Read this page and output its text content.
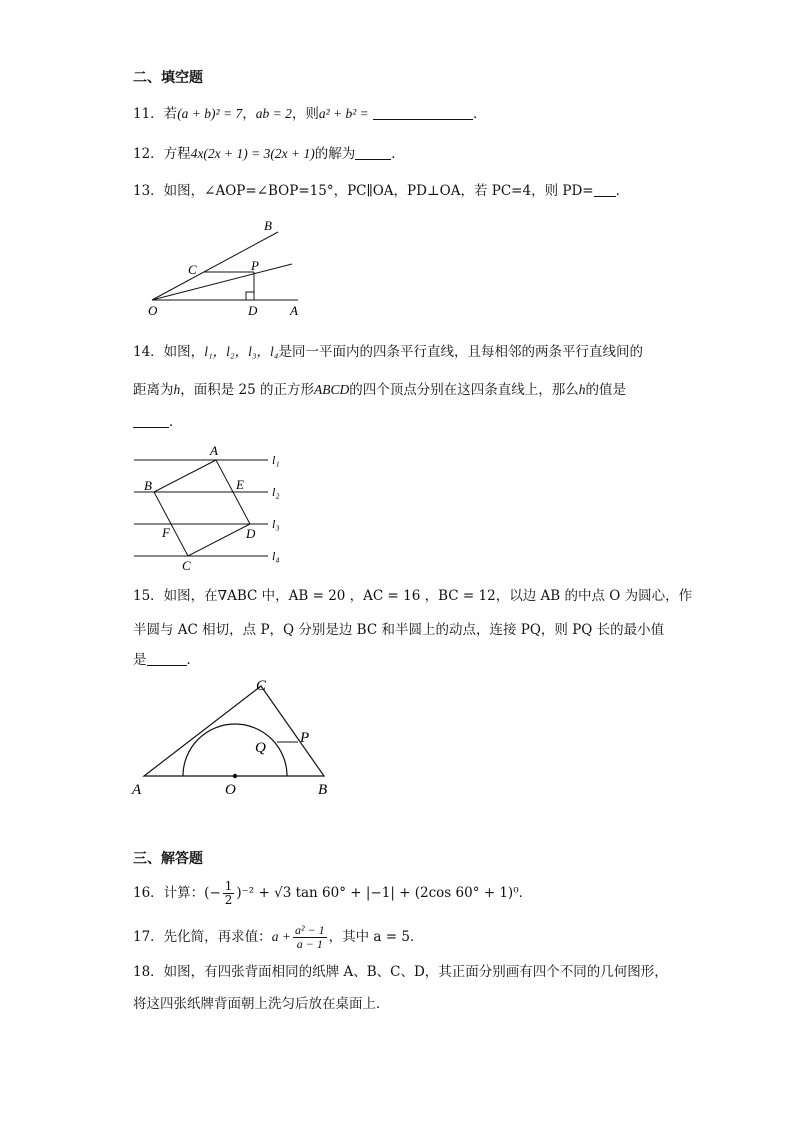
二、填空题
11．若(a + b)² = 7，ab = 2，则a² + b² =	．
12．方程4x(2x + 1) = 3(2x + 1)的解为	．
13．如图，∠AOP=∠BOP=15°，PC∥OA，PD⊥OA，若 PC=4，则 PD= ．
B
C	P
O	D	A
14．如图，l₁，l₂，l₃，l₄是同一平面内的四条平行直线，且每相邻的两条平行直线间的
距离为h，面积是 25 的正方形ABCD的四个顶点分别在这四条直线上，那么h的值是
．
A
B	E
F	D
C
l₁
l₂
l₃
l₄
15．如图，在∇ABC 中，AB = 20 ，AC = 16 ，BC = 12，以边 AB 的中点 O 为圆心，作
半圆与 AC 相切，点 P，Q 分别是边 BC 和半圆上的动点，连接 PQ，则 PQ 长的最小值
是	．
C
P
Q
A	O	B
三、解答题
16．计算：(− $\frac{1}{2} )^{-2} + √3$ tan 60° + |−1| + (2cos 60° + 1)⁰．
17．先化简，再求值：$a + \frac{\text{a² − 1}}{a - 1}$ ，其中 a = 5．
18．如图，有四张背面相同的纸牌 A、B、C、D，其正面分别画有四个不同的几何图形，
将这四张纸牌背面朝上洗匀后放在桌面上．
